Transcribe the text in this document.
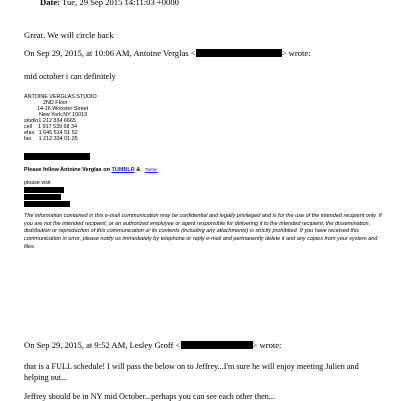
Date: Tue, 29 Sep 2015 14:11:03 +0000
Great. We will circle back
On Sep 29, 2015, at 10:06 AM, Antoine Verglas <	> wrote:
mid october i can definitely
ANTOINE VERGLAS STUDIO
2ND Floor
14-16 Wooster Street
New York,NY 10013
studio1 212 334 6665
cell    1 917 539 68 34
efax   1 646 514 51 52
fax     1 212 334 01 35
Please follow Antoine Verglas on TUMBLR & Twitter
please visit
The information contained in this e-mail communication may be confidential and legally privileged and is for the use of the intended recipient only. If you are not the intended recipient, or an authorized employee or agent responsible for delivering it to the intended recipient, the dissemination, distribution or reproduction of this communication or its contents (including any attachments) is strictly prohibited. If you have received this communication in error, please notify us immediately by telephone or reply e-mail and permanently delete it and any copies from your system and files.
On Sep 29, 2015, at 9:52 AM, Lesley Groff <	> wrote:
that is a FULL schedule! I will pass the below on to Jeffrey...I'm sure he will enjoy meeting Julien and
helping out...
Jeffrey should be in NY mid October...perhaps you can see each other then...
